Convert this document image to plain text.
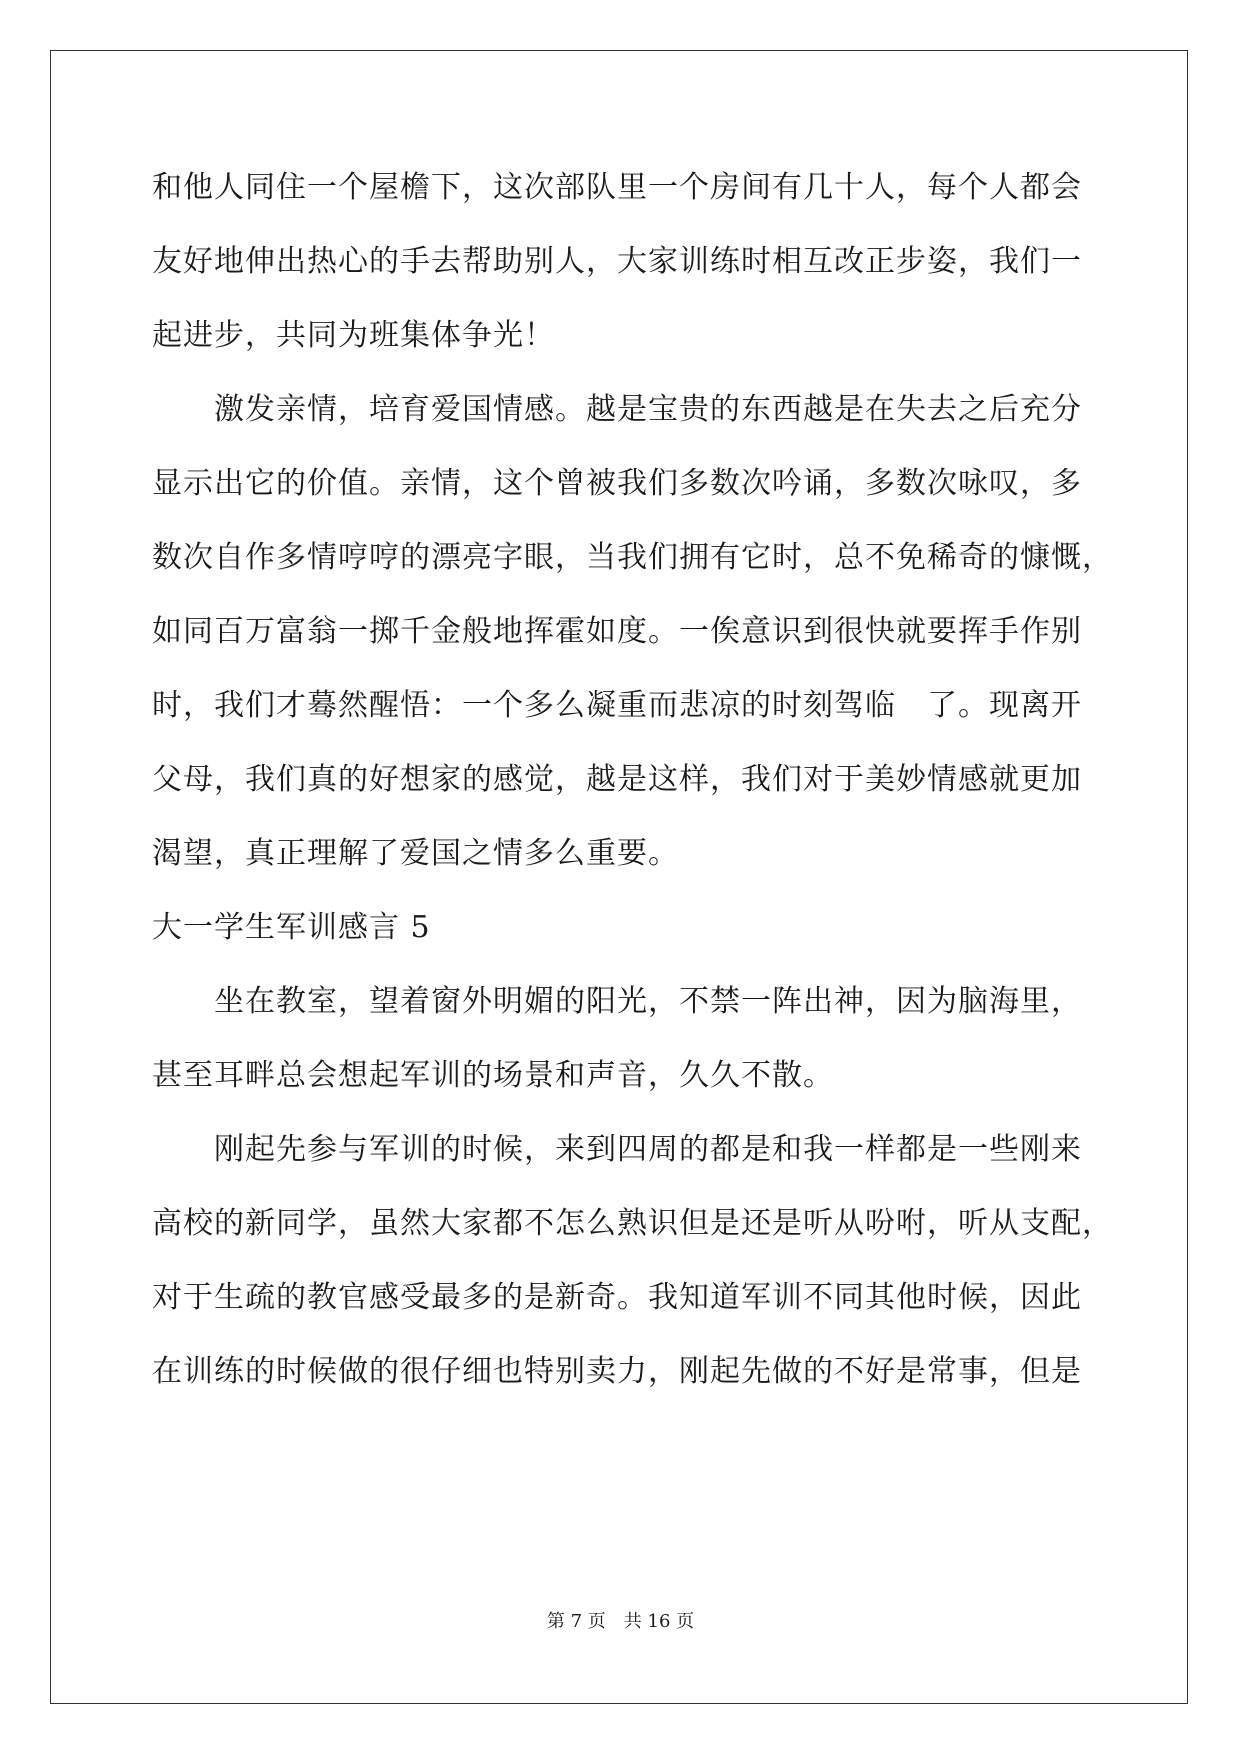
和他人同住一个屋檐下，这次部队里一个房间有几十人，每个人都会
友好地伸出热心的手去帮助别人，大家训练时相互改正步姿，我们一
起进步，共同为班集体争光！
　　激发亲情，培育爱国情感。越是宝贵的东西越是在失去之后充分
显示出它的价值。亲情，这个曾被我们多数次吟诵，多数次咏叹，多
数次自作多情哼哼的漂亮字眼，当我们拥有它时，总不免稀奇的慷慨，
如同百万富翁一掷千金般地挥霍如度。一俟意识到很快就要挥手作别
时，我们才蓦然醒悟：一个多么凝重而悲凉的时刻驾临　了。现离开
父母，我们真的好想家的感觉，越是这样，我们对于美妙情感就更加
渴望，真正理解了爱国之情多么重要。
大一学生军训感言 5
　　坐在教室，望着窗外明媚的阳光，不禁一阵出神，因为脑海里，
甚至耳畔总会想起军训的场景和声音，久久不散。
　　刚起先参与军训的时候，来到四周的都是和我一样都是一些刚来
高校的新同学，虽然大家都不怎么熟识但是还是听从吩咐，听从支配，
对于生疏的教官感受最多的是新奇。我知道军训不同其他时候，因此
在训练的时候做的很仔细也特别卖力，刚起先做的不好是常事，但是
第 7 页　共 16 页
